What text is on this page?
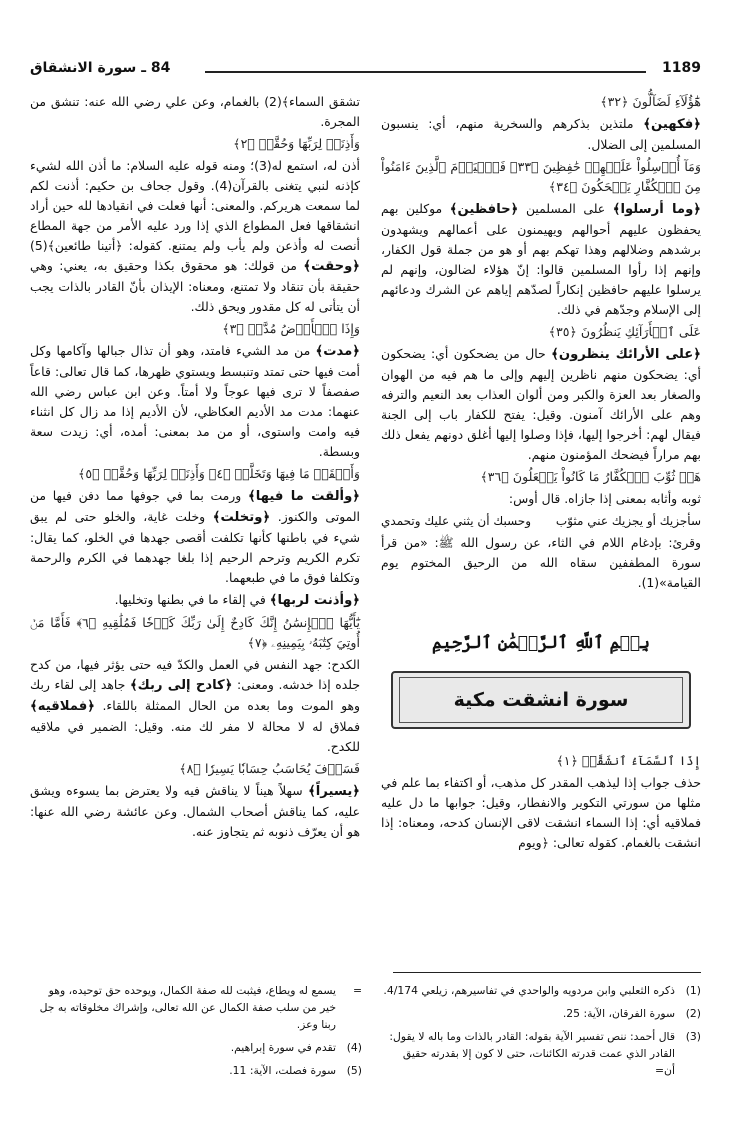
1189
84 ـ سورة الانشقاق

هَٰٓؤُلَآءِ لَضَآلُّونَ ﴿٣٢﴾

﴿فكهين﴾ ملتذين بذكرهم والسخرية منهم، أي: ينسبون المسلمين إلى الضلال.

وَمَآ أُرۡسِلُواْ عَلَيۡهِمۡ حَٰفِظِينَ ﴿٣٣﴾ فَٱلۡيَوۡمَ ٱلَّذِينَ ءَامَنُواْ مِنَ ٱلۡكُفَّارِ يَضۡحَكُونَ ﴿٣٤﴾

﴿وما أرسلوا﴾ على المسلمين ﴿حافظين﴾ موكلين بهم يحفظون عليهم أحوالهم ويهيمنون على أعمالهم ويشهدون برشدهم وضلالهم وهذا تهكم بهم أو هو من جملة قول الكفار، وإنهم إذا رأوا المسلمين قالوا: إنّ هؤلاء لضالون، وإنهم لم يرسلوا عليهم حافظين إنكاراً لصدّهم إياهم عن الشرك ودعائهم إلى الإسلام وجدّهم في ذلك.

عَلَى ٱلۡأَرَآئِكِ يَنظُرُونَ ﴿٣٥﴾

﴿على الأرائك ينظرون﴾ حال من يضحكون أي: يضحكون أي: يضحكون منهم ناظرين إليهم وإلى ما هم فيه من الهوان والصغار بعد العزة والكبر ومن ألوان العذاب بعد النعيم والترفه وهم على الأرائك آمنون. وقيل: يفتح للكفار باب إلى الجنة فيقال لهم: أخرجوا إليها، فإذا وصلوا إليها أغلق دونهم يفعل ذلك بهم مراراً فيضحك المؤمنون منهم.

هَلۡ ثُوِّبَ ٱلۡكُفَّارُ مَا كَانُواْ يَفۡعَلُونَ ﴿٣٦﴾

ثوبه وأثابه بمعنى إذا جازاه. قال أوس:

سأجزيك أو يجزيك عني مثوّب
وحسبك أن يثني عليك وتحمدي

وقرئ: بإدغام اللام في الثاء، عن رسول الله ﷺ: «من قرأ سورة المطففين سقاه الله من الرحيق المختوم يوم القيامة»(1).

بِسۡمِ ٱللَّهِ ٱلرَّحۡمَٰنِ ٱلرَّحِيمِ
سورة انشقت مكية

إِذَا ٱلسَّمَآءُ ٱنشَقَّتۡ ﴿١﴾

حذف جواب إذا ليذهب المقدر كل مذهب، أو اكتفاء بما علم في مثلها من سورتي التكوير والانفطار، وقيل: جوابها ما دل عليه فملاقيه أي: إذا السماء انشقت لاقى الإنسان كدحه، ومعناه: إذا انشقت بالغمام. كقوله تعالى: ﴿ويوم

تشقق السماء﴾(2) بالغمام، وعن علي رضي الله عنه: تنشق من المجرة.

وَأَذِنَتۡ لِرَبِّهَا وَحُقَّتۡ ﴿٢﴾

أذن له، استمع له(3)؛ ومنه قوله عليه السلام: ما أذن الله لشيء كإذنه لنبي يتغنى بالقرآن(4). وقول جحاف بن حكيم: أذنت لكم لما سمعت هريركم. والمعنى: أنها فعلت في انقيادها لله حين أراد انشقاقها فعل المطواع الذي إذا ورد عليه الأمر من جهة المطاع أنصت له وأذعن ولم يأب ولم يمتنع. كقوله: ﴿أتينا طائعين﴾(5) ﴿وحقت﴾ من قولك: هو محقوق بكذا وحقيق به، يعني: وهي حقيقة بأن تنقاد ولا تمتنع، ومعناه: الإيذان بأنّ القادر بالذات يجب أن يتأتى له كل مقدور ويحق ذلك.

وَإِذَا ٱلۡأَرۡضُ مُدَّتۡ ﴿٣﴾

﴿مدت﴾ من مد الشيء فامتد، وهو أن تذال جبالها وآكامها وكل أمت فيها حتى تمتد وتنبسط ويستوي ظهرها، كما قال تعالى: قاعاً صفصفاً لا ترى فيها عوجاً ولا أمتاً. وعن ابن عباس رضي الله عنهما: مدت مد الأديم العكاظي، لأن الأديم إذا مد زال كل انثناء فيه وامت واستوى، أو من مد بمعنى: أمده، أي: زيدت سعة وبسطة.

وَأَلۡقَتۡ مَا فِيهَا وَتَخَلَّتۡ ﴿٤﴾ وَأَذِنَتۡ لِرَبِّهَا وَحُقَّتۡ ﴿٥﴾

﴿وألقت ما فيها﴾ ورمت بما في جوفها مما دفن فيها من الموتى والكنوز. ﴿وتخلت﴾ وخلت غاية، والخلو حتى لم يبق شيء في باطنها كأنها تكلفت أقصى جهدها في الخلو، كما يقال: تكرم الكريم وترحم الرحيم إذا بلغا جهدهما في الكرم والرحمة وتكلفا فوق ما في طبعهما.

﴿وأذنت لربها﴾ في إلقاء ما في بطنها وتخليها.

يَٰٓأَيُّهَا ٱلۡإِنسَٰنُ إِنَّكَ كَادِحٌ إِلَىٰ رَبِّكَ كَدۡحٗا فَمُلَٰقِيهِ ﴿٦﴾ فَأَمَّا مَنۡ أُوتِيَ كِتَٰبَهُۥ بِيَمِينِهِۦ ﴿٧﴾

الكدح: جهد النفس في العمل والكدّ فيه حتى يؤثر فيها، من كدح جلده إذا خدشه. ومعنى: ﴿كادح إلى ربك﴾ جاهد إلى لقاء ربك وهو الموت وما بعده من الحال الممثلة باللقاء. ﴿فملاقيه﴾ فملاق له لا محالة لا مفر لك منه. وقيل: الضمير في ملاقيه للكدح.

فَسَوۡفَ يُحَاسَبُ حِسَابٗا يَسِيرٗا ﴿٨﴾

﴿يسيراً﴾ سهلاً هيناً لا يناقش فيه ولا يعترض بما يسوءه ويشق عليه، كما يناقش أصحاب الشمال. وعن عائشة رضي الله عنها: هو أن يعرّف ذنوبه ثم يتجاوز عنه.

(1)
ذكره الثعلبي وابن مردويه والواحدي في تفاسيرهم، زيلعي 4/174.

(2)
سورة الفرقان، الآية: 25.

(3)
قال أحمد: ننص تفسير الآية بقوله: القادر بالذات وما باله لا يقول: القادر الذي عمت قدرته الكائنات، حتى لا كون إلا بقدرته حقيق أن=

=
يسمع له ويطاع، فيثبت لله صفة الكمال، ويوحده حق توحيده، وهو خير من سلب صفة الكمال عن الله تعالى، وإشراك مخلوقاته به جل ربنا وعز.

(4)
تقدم في سورة إبراهيم.

(5)
سورة فصلت، الآية: 11.
